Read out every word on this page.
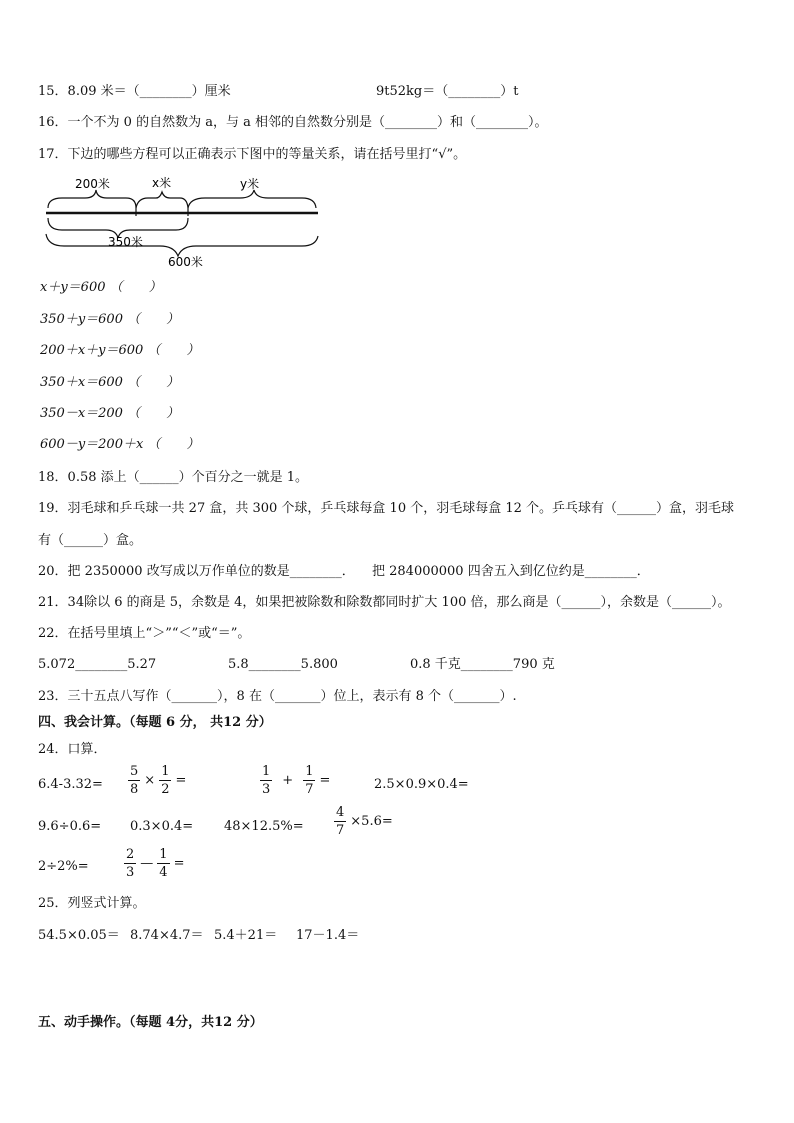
15．8.09 米＝（________）厘米	9t52kg＝（________）t
16．一个不为 0 的自然数为 a，与 a 相邻的自然数分别是（________）和（________）。
17．下边的哪些方程可以正确表示下图中的等量关系，请在括号里打“√”。
200米	x米	y米
350米
600米
x＋y＝600 （　　）
350＋y＝600 （　　）
200＋x＋y＝600 （　　）
350＋x＝600 （　　）
350－x＝200 （　　）
600－y＝200＋x （　　）
18．0.58 添上（______）个百分之一就是 1。
19．羽毛球和乒乓球一共 27 盒，共 300 个球，乒乓球每盒 10 个，羽毛球每盒 12 个。乒乓球有（______）盒，羽毛球
有（______）盒。
20．把 2350000 改写成以万作单位的数是________． 把 284000000 四舍五入到亿位约是________．
21．34除以 6 的商是 5，余数是 4，如果把被除数和除数都同时扩大 100 倍，那么商是（______），余数是（______）。
22．在括号里填上“＞”“＜”或“＝”。
5.072________5.27	5.8________5.800	0.8 千克________790 克
23．三十五点八写作（_______），8 在（_______）位上，表示有 8 个（_______）.
四、我会计算。（每题 6 分， 共12 分）
24．口算．
$6.4-3.32= \frac{5}{8} \times \frac{1}{2}$ =	$\frac{1}{3} + \frac{1}{7}$ =	2.5×0.9×0.4=
$9.6\div 0.6= 0.3\times 0.4= 48\times 12.5\%= \frac{4}{7} \times 5.6=$
2÷2%=	$\frac{2}{3}$ — $\frac{1}{4}$ =
25．列竖式计算。
54.5×0.05＝ 8.74×4.7＝ 5.4＋21＝ 17－1.4＝
五、动手操作。（每题 4分，共12 分）
